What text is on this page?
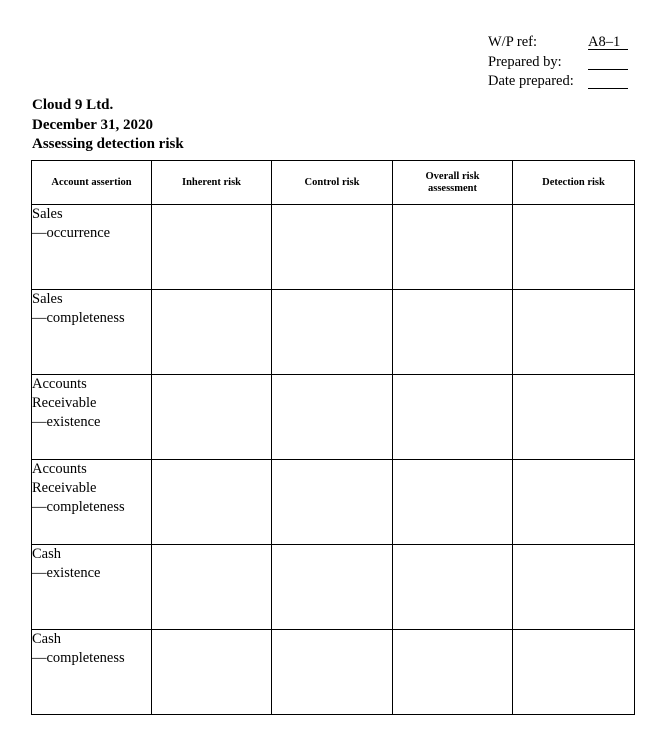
W/P ref:	A8–1
Prepared by:
Date prepared:
Cloud 9 Ltd.
December 31, 2020
Assessing detection risk
Account assertion	Inherent risk	Control risk	Overall risk assessment	Detection risk

Sales
—occurrence				

Sales
—completeness				

Accounts
Receivable
—existence				

Accounts
Receivable
—completeness				

Cash
—existence				

Cash
—completeness				
